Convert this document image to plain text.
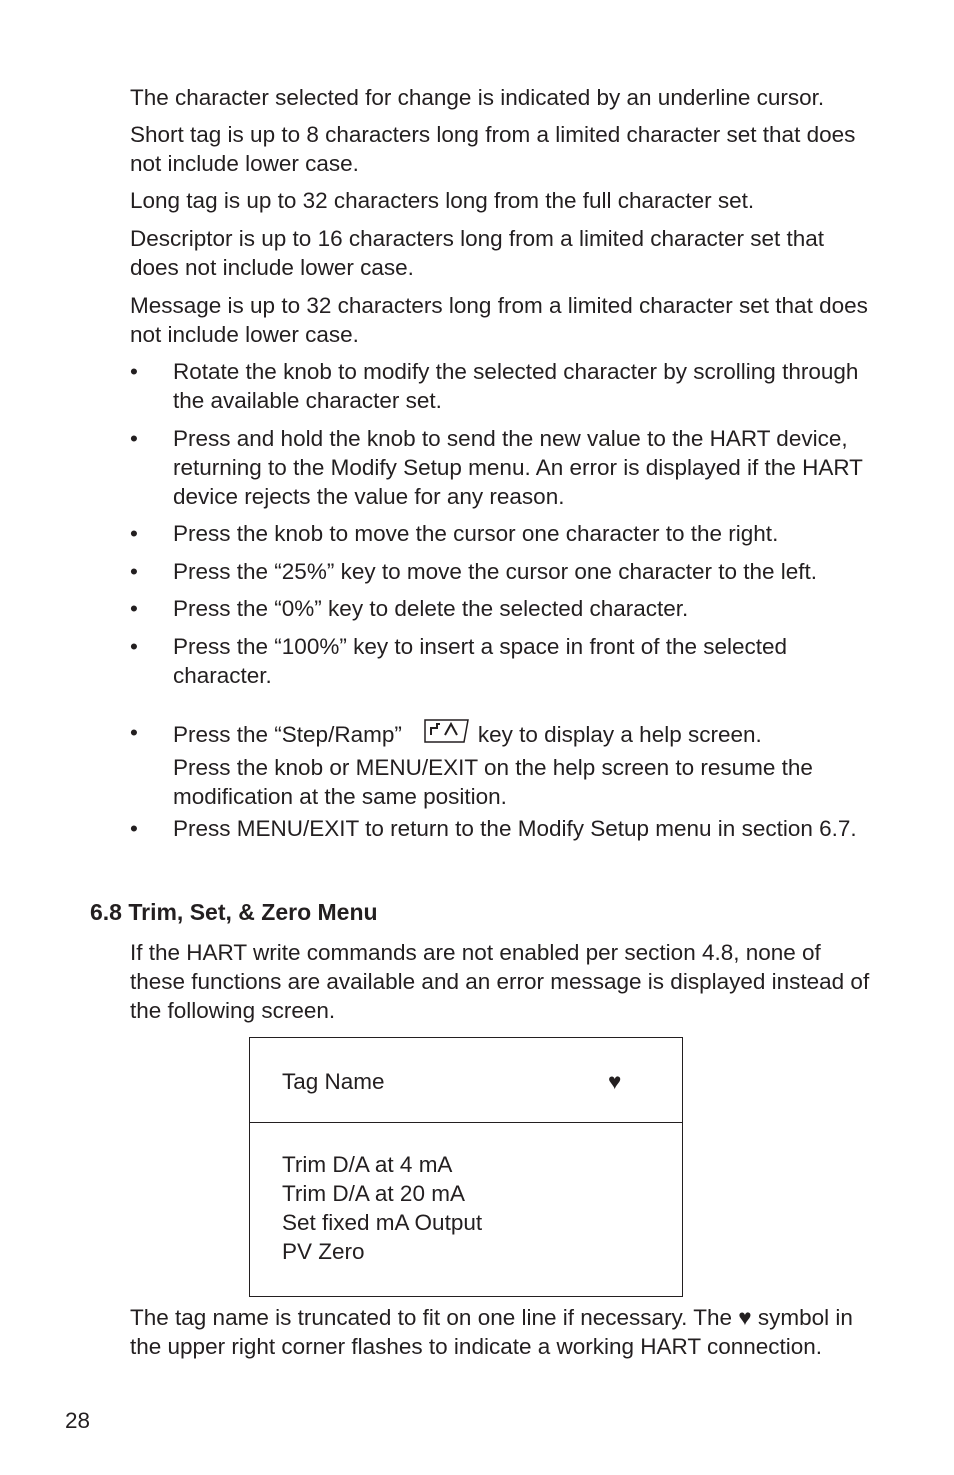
The character selected for change is indicated by an underline cursor.

Short tag is up to 8 characters long from a limited character set that does not include lower case.

Long tag is up to 32 characters long from the full character set.

Descriptor is up to 16 characters long from a limited character set that does not include lower case.

Message is up to 32 characters long from a limited character set that does not include lower case.

•	Rotate the knob to modify the selected character by scrolling through the available character set.
•	Press and hold the knob to send the new value to the HART device, returning to the Modify Setup menu. An error is displayed if the HART device rejects the value for any reason.
•	Press the knob to move the cursor one character to the right.
•	Press the “25%” key to move the cursor one character to the left.
•	Press the “0%” key to delete the selected character.
•	Press the “100%” key to insert a space in front of the selected character.
•	Press the “Step/Ramp”	key to display a help screen.
Press the knob or MENU/EXIT on the help screen to resume the modification at the same position.
•	Press MENU/EXIT to return to the Modify Setup menu in section 6.7.
6.8 Trim, Set, & Zero Menu

If the HART write commands are not enabled per section 4.8, none of these functions are available and an error message is displayed instead of the following screen.

Tag Name	♥
Trim D/A at 4 mA
Trim D/A at 20 mA
Set fixed mA Output
PV Zero

The tag name is truncated to fit on one line if necessary. The ♥ symbol in the upper right corner flashes to indicate a working HART connection.

28
